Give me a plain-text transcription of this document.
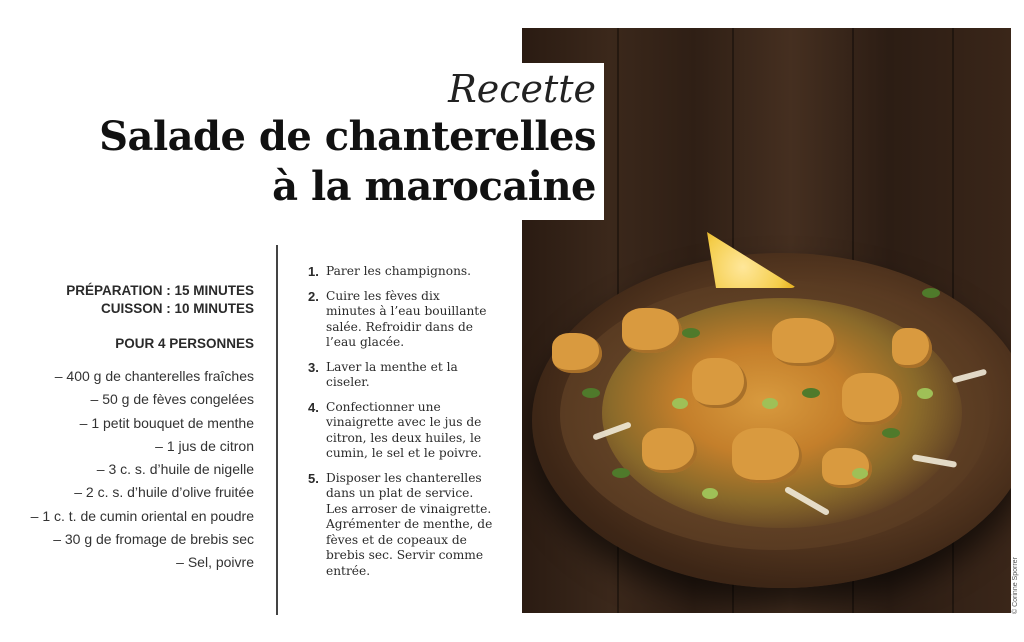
© Corinne Sporrer
Recette
Salade de chanterelles
à la marocaine
PRÉPARATION : 15 MINUTES
CUISSON : 10 MINUTES
POUR 4 PERSONNES
– 400 g de chanterelles fraîches
– 50 g de fèves congelées
– 1 petit bouquet de menthe
– 1 jus de citron
– 3 c. s. d’huile de nigelle
– 2 c. s. d’huile d’olive fruitée
– 1 c. t. de cumin oriental en poudre
– 30 g de fromage de brebis sec
– Sel, poivre
1. Parer les champignons.
2. Cuire les fèves dix minutes à l’eau bouillante salée. Refroidir dans de l’eau glacée.
3. Laver la menthe et la ciseler.
4. Confectionner une vinaigrette avec le jus de citron, les deux huiles, le cumin, le sel et le poivre.
5. Disposer les chanterelles dans un plat de service. Les arroser de vinaigrette. Agrémenter de menthe, de fèves et de copeaux de brebis sec. Servir comme entrée.
